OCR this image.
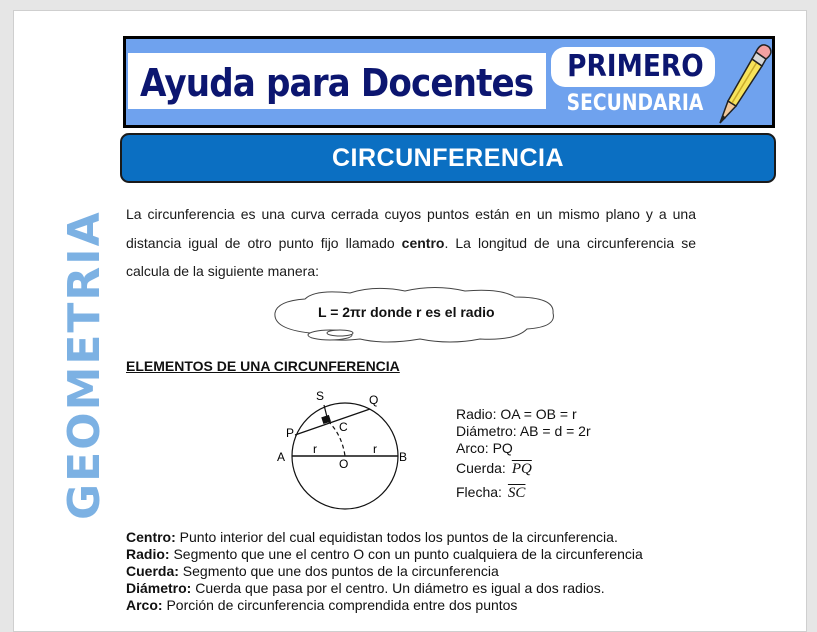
Ayuda para Docentes PRIMERO
SECUNDARIA
CIRCUNFERENCIA
GEOMETRIA La circunferencia es una curva cerrada cuyos puntos están en un mismo plano y a una distancia igual de otro punto fijo llamado centro. La longitud de una circunferencia se calcula de la siguiente manera:
L = 2πr donde r es el radio
ELEMENTOS DE UNA CIRCUNFERENCIA
S	Q
P	C
A	O	B
r	r
Radio: OA = OB = r
Diámetro: AB = d = 2r
Arco: PQ
Cuerda: $\overline{PQ}$
Flecha: $\overline{SC}$
Centro: Punto interior del cual equidistan todos los puntos de la circunferencia.
Radio: Segmento que une el centro O con un punto cualquiera de la circunferencia
Cuerda: Segmento que une dos puntos de la circunferencia
Diámetro: Cuerda que pasa por el centro. Un diámetro es igual a dos radios.
Arco: Porción de circunferencia comprendida entre dos puntos
